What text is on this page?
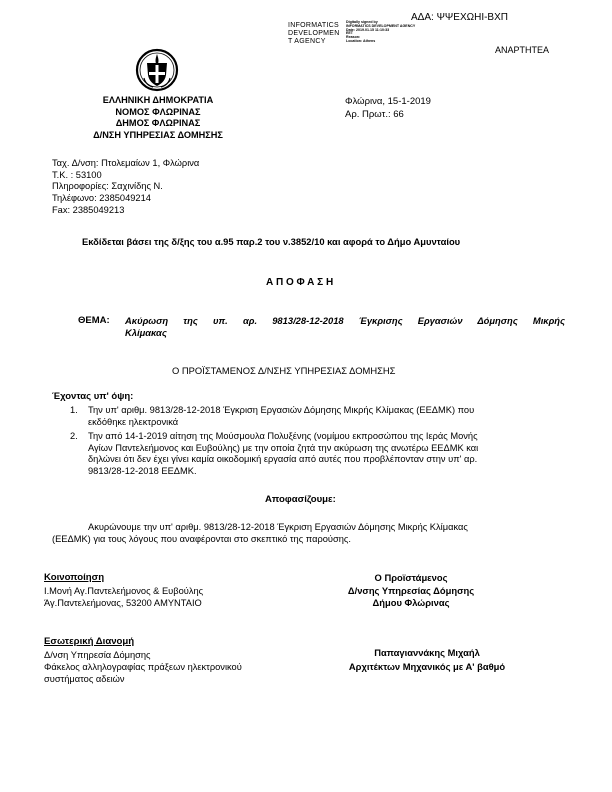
ΑΔΑ: ΨΨΕΧΩΗΙ-ΒΧΠ
ΑΝΑΡΤΗΤΕΑ
INFORMATICS
DEVELOPMEN
T AGENCY
Digitally signed by
INFORMATICS DEVELOPMENT AGENCY
Date: 2019.01.15 11:10:33
EET
Reason:
Location: Athens
ΕΛΛΗΝΙΚΗ ΔΗΜΟΚΡΑΤΙΑ
ΝΟΜΟΣ ΦΛΩΡΙΝΑΣ
ΔΗΜΟΣ ΦΛΩΡΙΝΑΣ
Δ/ΝΣΗ ΥΠΗΡΕΣΙΑΣ ΔΟΜΗΣΗΣ
Φλώρινα, 15-1-2019
Αρ. Πρωτ.: 66
Ταχ. Δ/νση: Πτολεμαίων 1, Φλώρινα
Τ.Κ. : 53100
Πληροφορίες: Σαχινίδης Ν.
Τηλέφωνο: 2385049214
Fax: 2385049213
Εκδίδεται βάσει της δ/ξης του α.95 παρ.2 του ν.3852/10 και αφορά το Δήμο Αμυνταίου
Α Π Ο Φ Α Σ Η
ΘΕΜΑ: Ακύρωση της υπ. αρ. 9813/28-12-2018 Έγκρισης Εργασιών Δόμησης Μικρής
Κλίμακας
Ο ΠΡΟΪΣΤΑΜΕΝΟΣ Δ/ΝΣΗΣ ΥΠΗΡΕΣΙΑΣ ΔΟΜΗΣΗΣ
Έχοντας υπ' όψη:
1. Την υπ' αριθμ. 9813/28-12-2018 Έγκριση Εργασιών Δόμησης Μικρής Κλίμακας (ΕΕΔΜΚ) που
εκδόθηκε ηλεκτρονικά
2. Την από 14-1-2019 αίτηση της Μούσμουλα Πολυξένης (νομίμου εκπροσώπου της Ιεράς Μονής
Αγίων Παντελεήμονος και Ευβούλης) με την οποία ζητά την ακύρωση της ανωτέρω ΕΕΔΜΚ και
δηλώνει ότι δεν έχει γίνει καμία οικοδομική εργασία από αυτές που προβλέπονταν στην υπ' αρ.
9813/28-12-2018 ΕΕΔΜΚ.
Αποφασίζουμε:
Ακυρώνουμε την υπ' αριθμ. 9813/28-12-2018 Έγκριση Εργασιών Δόμησης Μικρής Κλίμακας
(ΕΕΔΜΚ) για τους λόγους που αναφέρονται στο σκεπτικό της παρούσης.
Κοινοποίηση
Ι.Μονή Αγ.Παντελεήμονος & Ευβούλης
Άγ.Παντελεήμονας, 53200 ΑΜΥΝΤΑΙΟ
Ο Προϊστάμενος
Δ/νσης Υπηρεσίας Δόμησης
Δήμου Φλώρινας
Εσωτερική Διανομή
Δ/νση Υπηρεσία Δόμησης
Φάκελος αλληλογραφίας πράξεων ηλεκτρονικού
συστήματος αδειών
Παπαγιαννάκης Μιχαήλ
Αρχιτέκτων Μηχανικός με Α' βαθμό
